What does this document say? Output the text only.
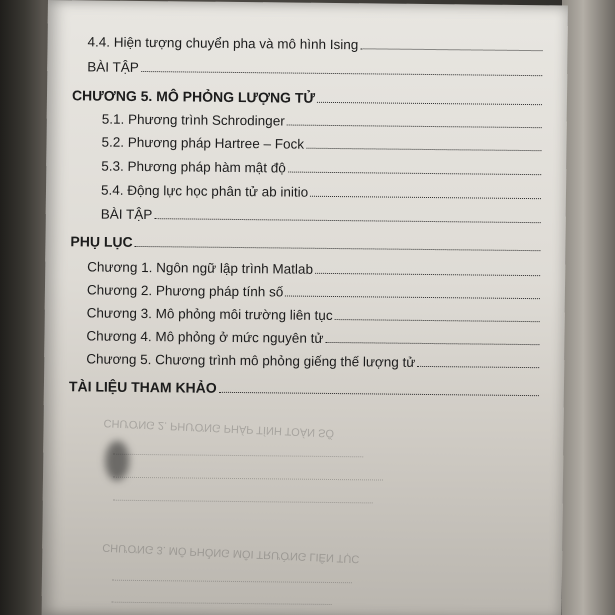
4.4. Hiện tượng chuyển pha và mô hình Ising
BÀI TẬP
CHƯƠNG 5. MÔ PHỎNG LƯỢNG TỬ
5.1. Phương trình Schrodinger
5.2. Phương pháp Hartree – Fock
5.3. Phương pháp hàm mật độ
5.4. Động lực học phân tử ab initio
BÀI TẬP
PHỤ LỤC
Chương 1. Ngôn ngữ lập trình Matlab
Chương 2. Phương pháp tính số
Chương 3. Mô phỏng môi trường liên tục
Chương 4. Mô phỏng ở mức nguyên tử
Chương 5. Chương trình mô phỏng giếng thế lượng tử
TÀI LIỆU THAM KHẢO
CHƯƠNG 2. PHƯƠNG PHÁP TÍNH TOÁN SỐ
CHƯƠNG 3. MÔ PHỎNG MÔI TRƯỜNG LIÊN TỤC
